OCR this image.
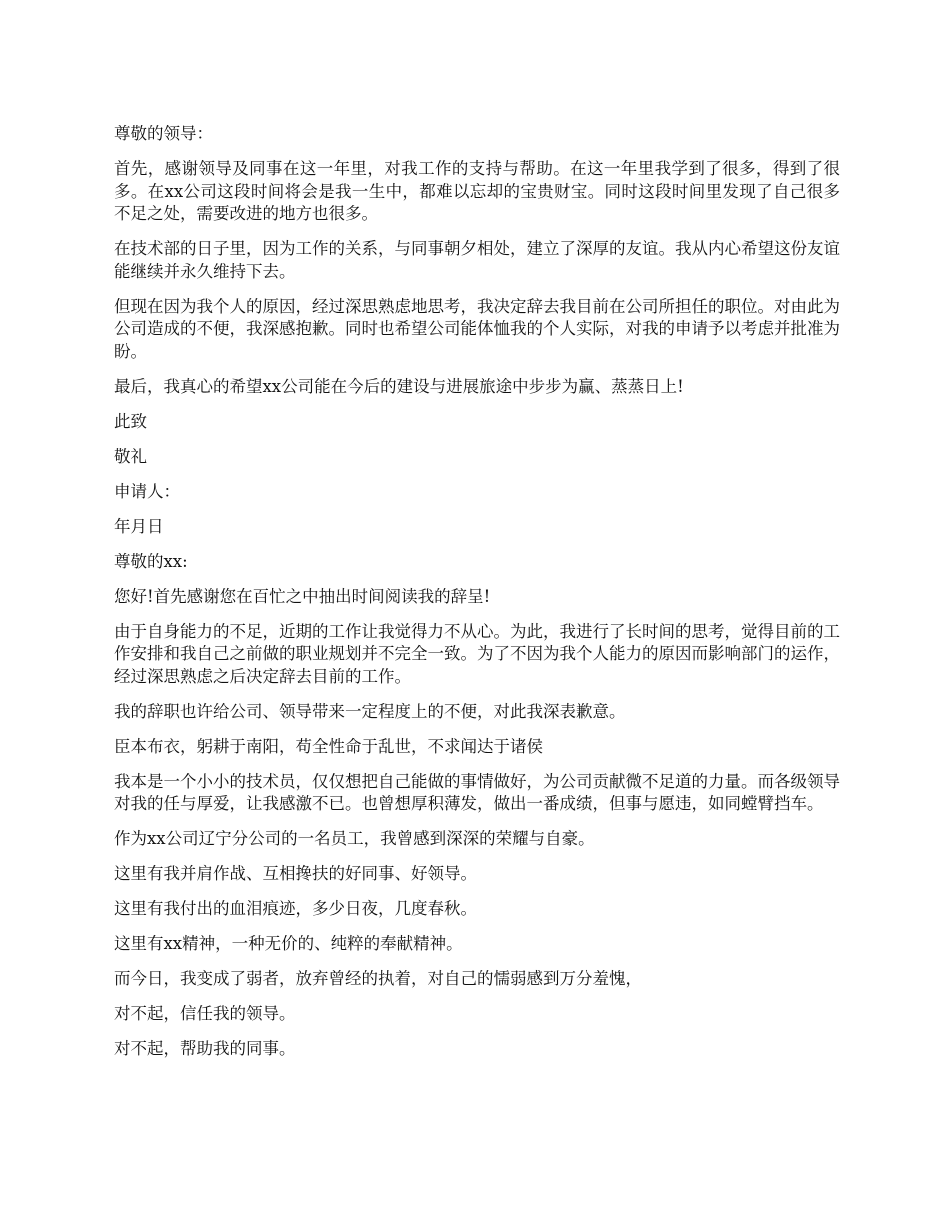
尊敬的领导：

首先，感谢领导及同事在这一年里，对我工作的支持与帮助。在这一年里我学到了很多，得到了很多。在xx公司这段时间将会是我一生中，都难以忘却的宝贵财宝。同时这段时间里发现了自己很多不足之处，需要改进的地方也很多。

在技术部的日子里，因为工作的关系，与同事朝夕相处，建立了深厚的友谊。我从内心希望这份友谊能继续并永久维持下去。

但现在因为我个人的原因，经过深思熟虑地思考，我决定辞去我目前在公司所担任的职位。对由此为公司造成的不便，我深感抱歉。同时也希望公司能体恤我的个人实际，对我的申请予以考虑并批准为盼。

最后，我真心的希望xx公司能在今后的建设与进展旅途中步步为赢、蒸蒸日上!

此致

敬礼

申请人：

年月日

尊敬的xx:

您好!首先感谢您在百忙之中抽出时间阅读我的辞呈!

由于自身能力的不足，近期的工作让我觉得力不从心。为此，我进行了长时间的思考，觉得目前的工作安排和我自己之前做的职业规划并不完全一致。为了不因为我个人能力的原因而影响部门的运作，经过深思熟虑之后决定辞去目前的工作。

我的辞职也许给公司、领导带来一定程度上的不便，对此我深表歉意。

臣本布衣，躬耕于南阳，苟全性命于乱世，不求闻达于诸侯

我本是一个小小的技术员，仅仅想把自己能做的事情做好，为公司贡献微不足道的力量。而各级领导对我的任与厚爱，让我感激不已。也曾想厚积薄发，做出一番成绩，但事与愿违，如同螳臂挡车。

作为xx公司辽宁分公司的一名员工，我曾感到深深的荣耀与自豪。

这里有我并肩作战、互相搀扶的好同事、好领导。

这里有我付出的血泪痕迹，多少日夜，几度春秋。

这里有xx精神，一种无价的、纯粹的奉献精神。

而今日，我变成了弱者，放弃曾经的执着，对自己的懦弱感到万分羞愧，

对不起，信任我的领导。

对不起，帮助我的同事。
